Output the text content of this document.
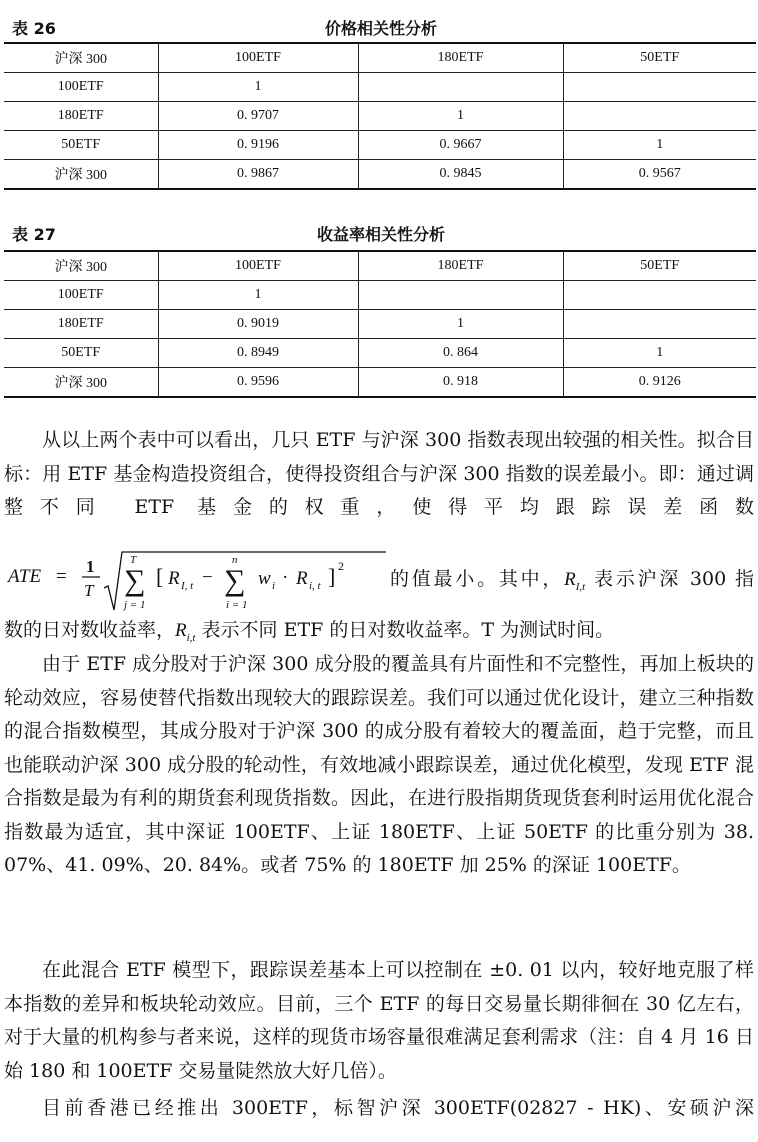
表 26	价格相关性分析
沪深 300	100ETF	180ETF	50ETF
100ETF	1		
180ETF	0. 9707	1	
50ETF	0. 9196	0. 9667	1
沪深 300	0. 9867	0. 9845	0. 9567
表 27	收益率相关性分析
沪深 300	100ETF	180ETF	50ETF
100ETF	1		
180ETF	0. 9019	1	
50ETF	0. 8949	0. 864	1
沪深 300	0. 9596	0. 918	0. 9126

从以上两个表中可以看出，几只 ETF 与沪深 300 指数表现出较强的相关性。拟合目标：用 ETF 基金构造投资组合，使得投资组合与沪深 300 指数的误差最小。即：通过调整不同 ETF 基金的权重，使得平均跟踪误差函数

ATE = 1
T
T
∑
j = 1
[ R I, t −
n
∑
i = 1
w i · R i, t ] 2
的值最小。其中，$R_{I,t}$ 表示沪深 300 指

数的日对数收益率，$R_{i,t}$ 表示不同 ETF 的日对数收益率。T 为测试时间。

由于 ETF 成分股对于沪深 300 成分股的覆盖具有片面性和不完整性，再加上板块的轮动效应，容易使替代指数出现较大的跟踪误差。我们可以通过优化设计，建立三种指数的混合指数模型，其成分股对于沪深 300 的成分股有着较大的覆盖面，趋于完整，而且也能联动沪深 300 成分股的轮动性，有效地减小跟踪误差，通过优化模型，发现 ETF 混合指数是最为有利的期货套利现货指数。因此，在进行股指期货现货套利时运用优化混合指数最为适宜，其中深证 100ETF、上证 180ETF、上证 50ETF 的比重分别为 38. 07%、41. 09%、20. 84%。或者 75% 的 180ETF 加 25% 的深证 100ETF。

在此混合 ETF 模型下，跟踪误差基本上可以控制在 ±0. 01 以内，较好地克服了样本指数的差异和板块轮动效应。目前，三个 ETF 的每日交易量长期徘徊在 30 亿左右，对于大量的机构参与者来说，这样的现货市场容量很难满足套利需求（注：自 4 月 16 日始 180 和 100ETF 交易量陡然放大好几倍）。

目前香港已经推出 300ETF，标智沪深 300ETF(02827 - HK)、安硕沪深
